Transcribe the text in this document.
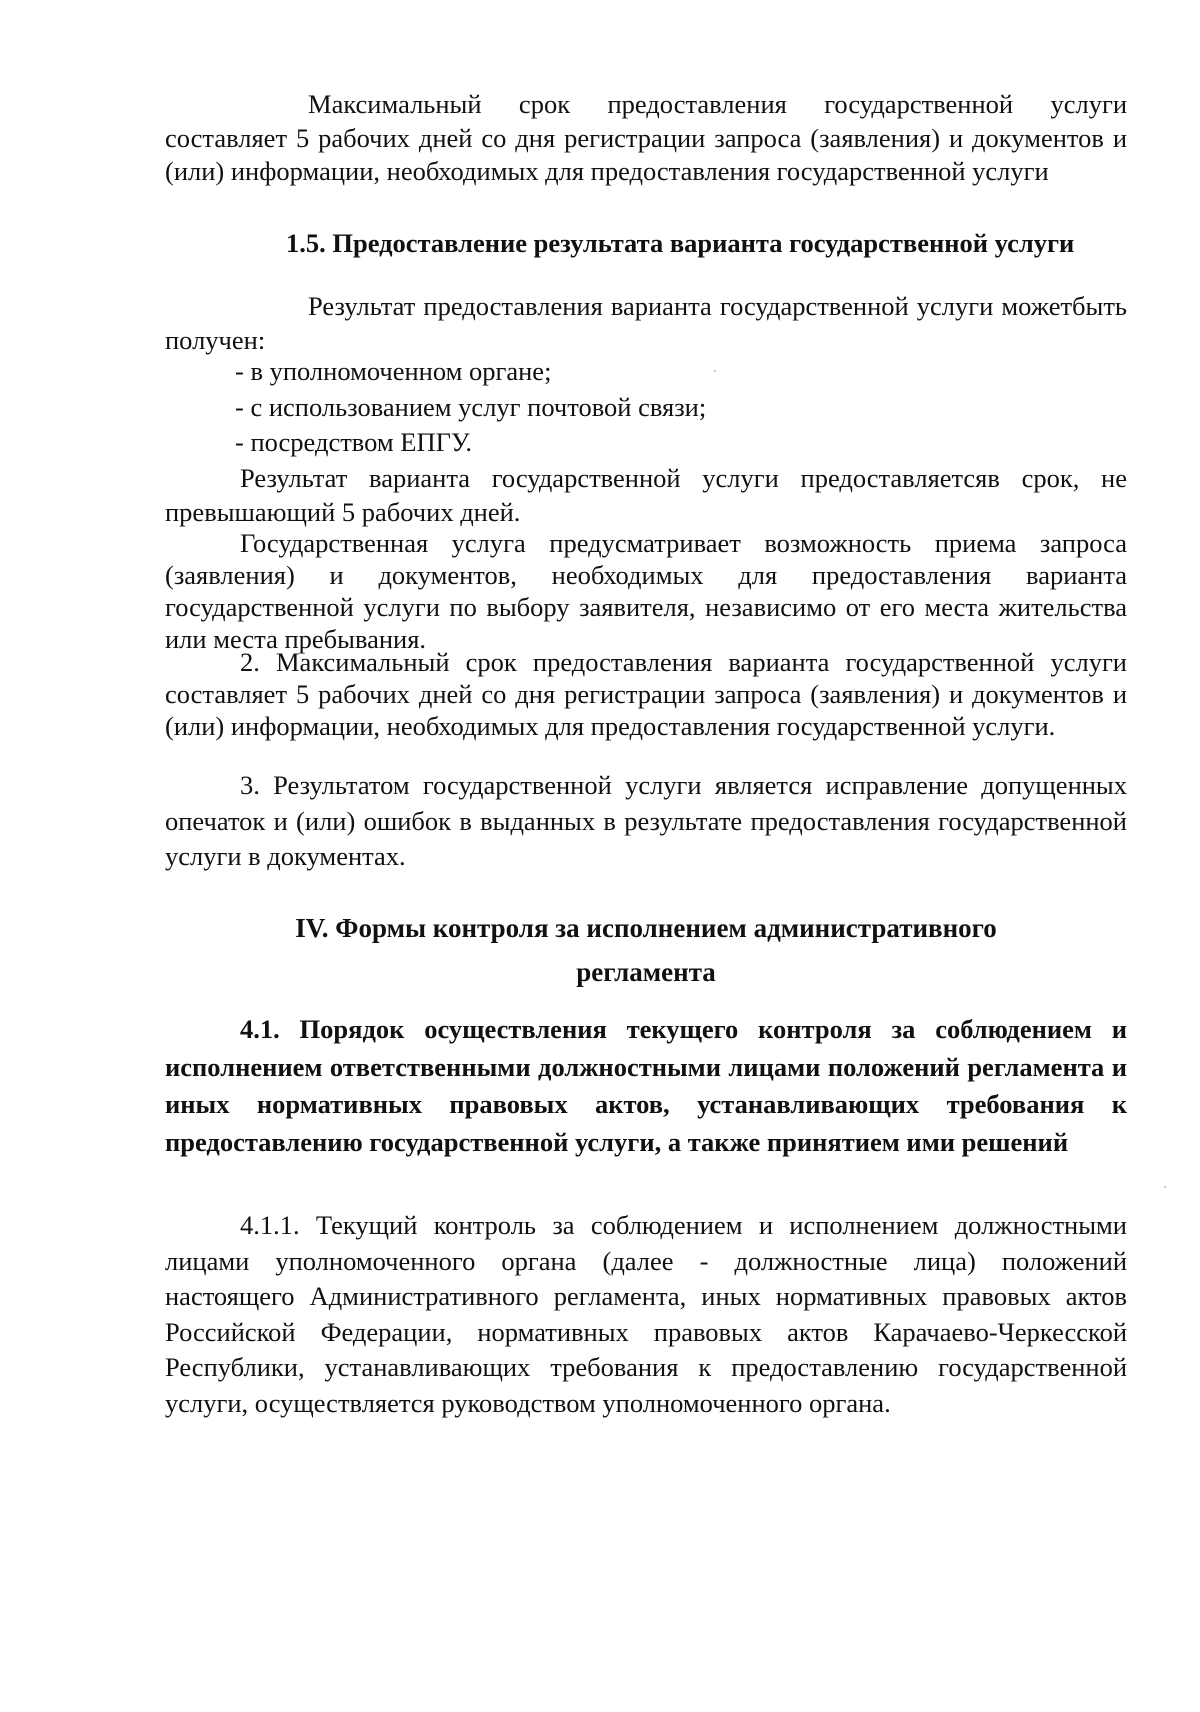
Максимальный срок предоставления государственной услуги составляет 5 рабочих дней со дня регистрации запроса (заявления) и документов и (или) информации, необходимых для предоставления государственной услуги
1.5. Предоставление результата варианта государственной услуги
Результат предоставления варианта государственной услуги можетбыть получен:
- в уполномоченном органе;
- с использованием услуг почтовой связи;
- посредством ЕПГУ.
Результат варианта государственной услуги предоставляетсяв срок, не превышающий 5 рабочих дней.
Государственная услуга предусматривает возможность приема запроса (заявления) и документов, необходимых для предоставления варианта государственной услуги по выбору заявителя, независимо от его места жительства или места пребывания.
2. Максимальный срок предоставления варианта государственной услуги составляет 5 рабочих дней со дня регистрации запроса (заявления) и документов и (или) информации, необходимых для предоставления государственной услуги.
3. Результатом государственной услуги является исправление допущенных опечаток и (или) ошибок в выданных в результате предоставления государственной услуги в документах.
IV. Формы контроля за исполнением административного
регламента
4.1. Порядок осуществления текущего контроля за соблюдением и исполнением ответственными должностными лицами положений регламента и иных нормативных правовых актов, устанавливающих требования к предоставлению государственной услуги, а также принятием ими решений
4.1.1. Текущий контроль за соблюдением и исполнением должностными лицами уполномоченного органа (далее - должностные лица) положений настоящего Административного регламента, иных нормативных правовых актов Российской Федерации, нормативных правовых актов Карачаево-Черкесской Республики, устанавливающих требования к предоставлению государственной услуги, осуществляется руководством уполномоченного органа.
